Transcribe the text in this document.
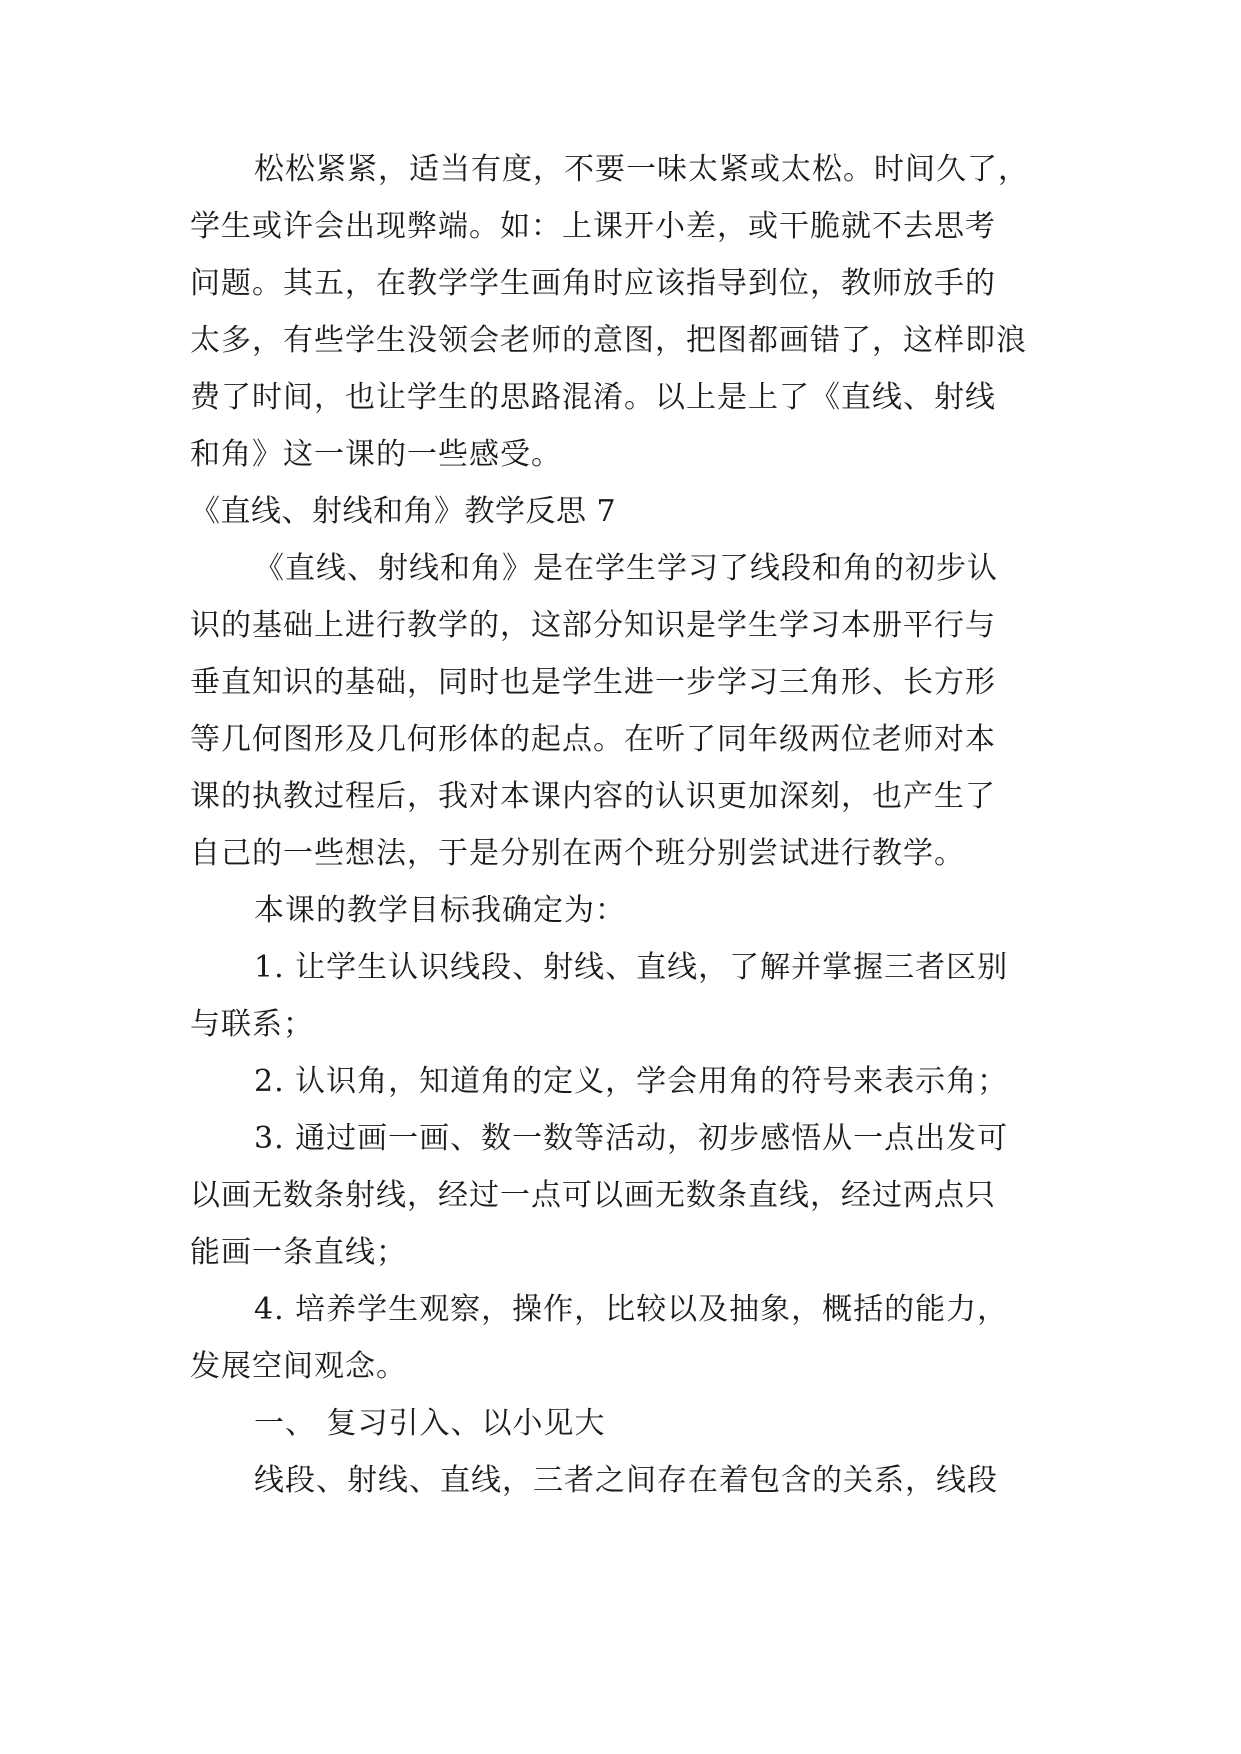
松松紧紧，适当有度，不要一味太紧或太松。时间久了，
学生或许会出现弊端。如：上课开小差，或干脆就不去思考
问题。其五，在教学学生画角时应该指导到位，教师放手的
太多，有些学生没领会老师的意图，把图都画错了，这样即浪
费了时间，也让学生的思路混淆。以上是上了《直线、射线
和角》这一课的一些感受。
《直线、射线和角》教学反思 7
《直线、射线和角》是在学生学习了线段和角的初步认
识的基础上进行教学的，这部分知识是学生学习本册平行与
垂直知识的基础，同时也是学生进一步学习三角形、长方形
等几何图形及几何形体的起点。在听了同年级两位老师对本
课的执教过程后，我对本课内容的认识更加深刻，也产生了
自己的一些想法，于是分别在两个班分别尝试进行教学。
本课的教学目标我确定为：
1. 让学生认识线段、射线、直线，了解并掌握三者区别
与联系；
2. 认识角，知道角的定义，学会用角的符号来表示角；
3. 通过画一画、数一数等活动，初步感悟从一点出发可
以画无数条射线，经过一点可以画无数条直线，经过两点只
能画一条直线；
4. 培养学生观察，操作，比较以及抽象，概括的能力，
发展空间观念。
一、 复习引入、以小见大
线段、射线、直线，三者之间存在着包含的关系，线段
